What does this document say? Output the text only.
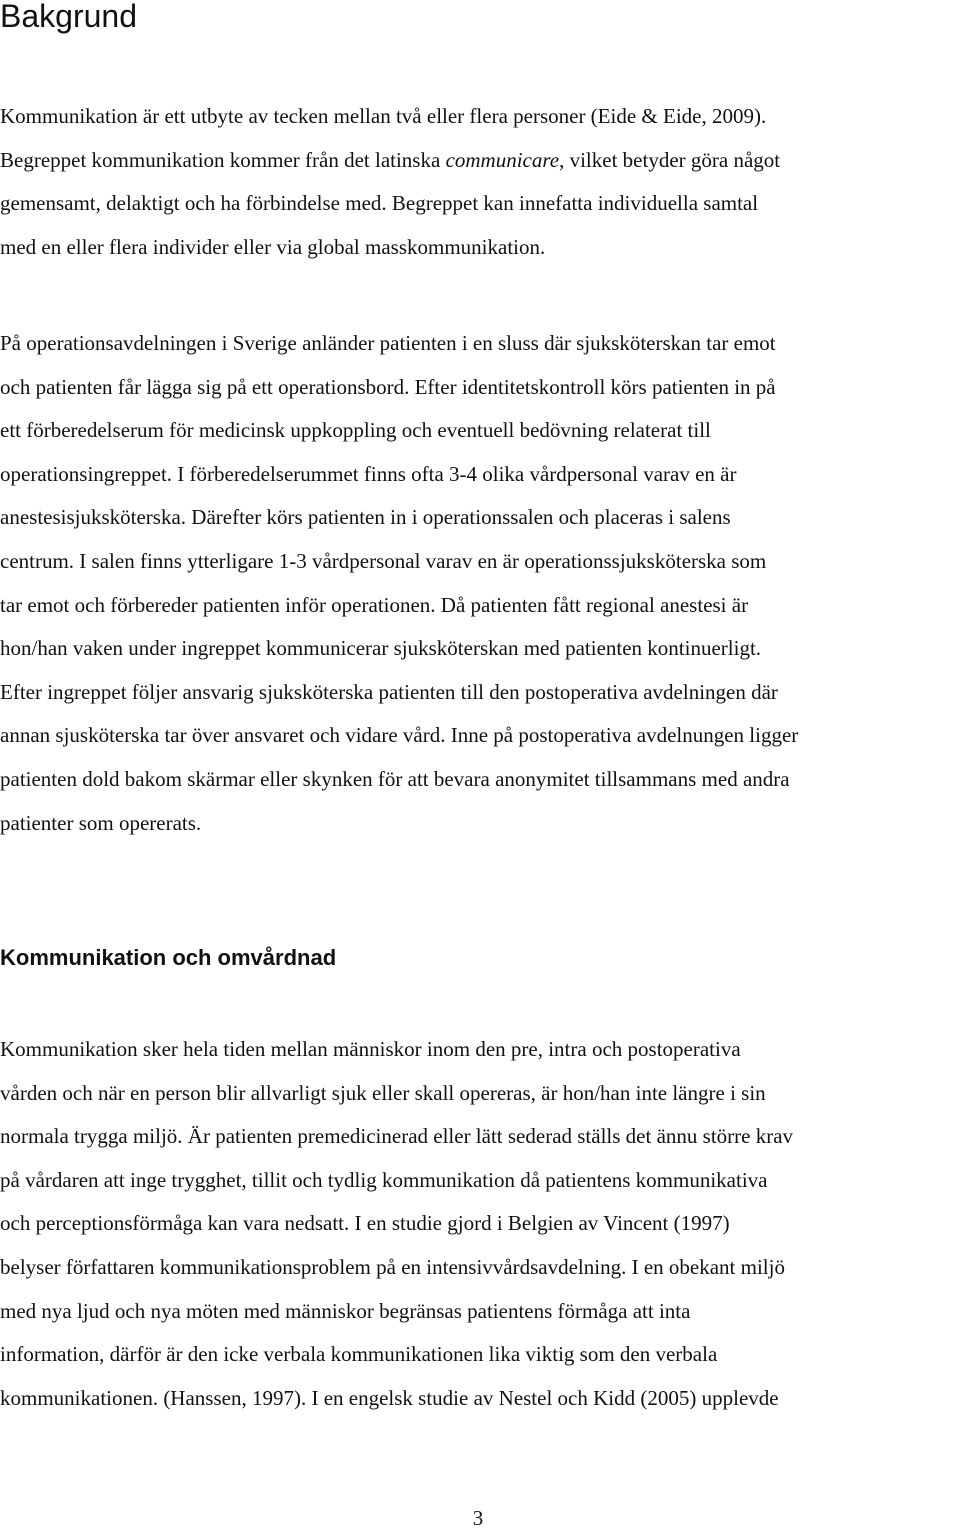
Bakgrund
Kommunikation är ett utbyte av tecken mellan två eller flera personer (Eide & Eide, 2009).
Begreppet kommunikation kommer från det latinska communicare, vilket betyder göra något
gemensamt, delaktigt och ha förbindelse med. Begreppet kan innefatta individuella samtal
med en eller flera individer eller via global masskommunikation.
På operationsavdelningen i Sverige anländer patienten i en sluss där sjuksköterskan tar emot
och patienten får lägga sig på ett operationsbord. Efter identitetskontroll körs patienten in på
ett förberedelserum för medicinsk uppkoppling och eventuell bedövning relaterat till
operationsingreppet. I förberedelserummet finns ofta 3-4 olika vårdpersonal varav en är
anestesisjuksköterska. Därefter körs patienten in i operationssalen och placeras i salens
centrum. I salen finns ytterligare 1-3 vårdpersonal varav en är operationssjuksköterska som
tar emot och förbereder patienten inför operationen. Då patienten fått regional anestesi är
hon/han vaken under ingreppet kommunicerar sjuksköterskan med patienten kontinuerligt.
Efter ingreppet följer ansvarig sjuksköterska patienten till den postoperativa avdelningen där
annan sjusköterska tar över ansvaret och vidare vård. Inne på postoperativa avdelnungen ligger
patienten dold bakom skärmar eller skynken för att bevara anonymitet tillsammans med andra
patienter som opererats.
Kommunikation och omvårdnad
Kommunikation sker hela tiden mellan människor inom den pre, intra och postoperativa
vården och när en person blir allvarligt sjuk eller skall opereras, är hon/han inte längre i sin
normala trygga miljö. Är patienten premedicinerad eller lätt sederad ställs det ännu större krav
på vårdaren att inge trygghet, tillit och tydlig kommunikation då patientens kommunikativa
och perceptionsförmåga kan vara nedsatt. I en studie gjord i Belgien av Vincent (1997)
belyser författaren kommunikationsproblem på en intensivvårdsavdelning. I en obekant miljö
med nya ljud och nya möten med människor begränsas patientens förmåga att inta
information, därför är den icke verbala kommunikationen lika viktig som den verbala
kommunikationen. (Hanssen, 1997). I en engelsk studie av Nestel och Kidd (2005) upplevde
3
